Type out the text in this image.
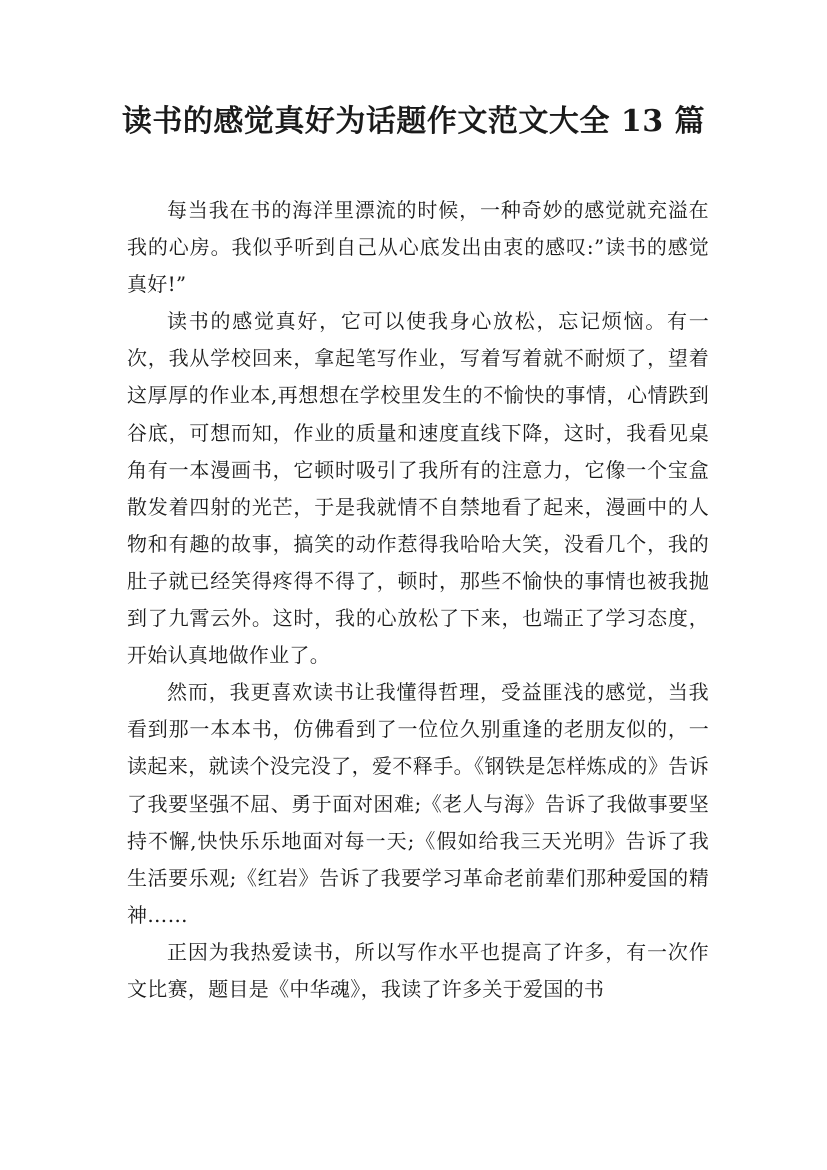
读书的感觉真好为话题作文范文大全 13 篇

每当我在书的海洋里漂流的时候，一种奇妙的感觉就充溢在我的心房。我似乎听到自己从心底发出由衷的感叹:”读书的感觉真好!”

读书的感觉真好，它可以使我身心放松，忘记烦恼。有一次，我从学校回来，拿起笔写作业，写着写着就不耐烦了，望着这厚厚的作业本,再想想在学校里发生的不愉快的事情，心情跌到谷底，可想而知，作业的质量和速度直线下降，这时，我看见桌角有一本漫画书，它顿时吸引了我所有的注意力，它像一个宝盒散发着四射的光芒，于是我就情不自禁地看了起来，漫画中的人物和有趣的故事，搞笑的动作惹得我哈哈大笑，没看几个，我的肚子就已经笑得疼得不得了，顿时，那些不愉快的事情也被我抛到了九霄云外。这时，我的心放松了下来，也端正了学习态度，开始认真地做作业了。

然而，我更喜欢读书让我懂得哲理，受益匪浅的感觉，当我看到那一本本书，仿佛看到了一位位久别重逢的老朋友似的，一读起来，就读个没完没了，爱不释手。《钢铁是怎样炼成的》告诉了我要坚强不屈、勇于面对困难;《老人与海》告诉了我做事要坚持不懈,快快乐乐地面对每一天;《假如给我三天光明》告诉了我生活要乐观;《红岩》告诉了我要学习革命老前辈们那种爱国的精神……

正因为我热爱读书，所以写作水平也提高了许多，有一次作文比赛，题目是《中华魂》，我读了许多关于爱国的书
